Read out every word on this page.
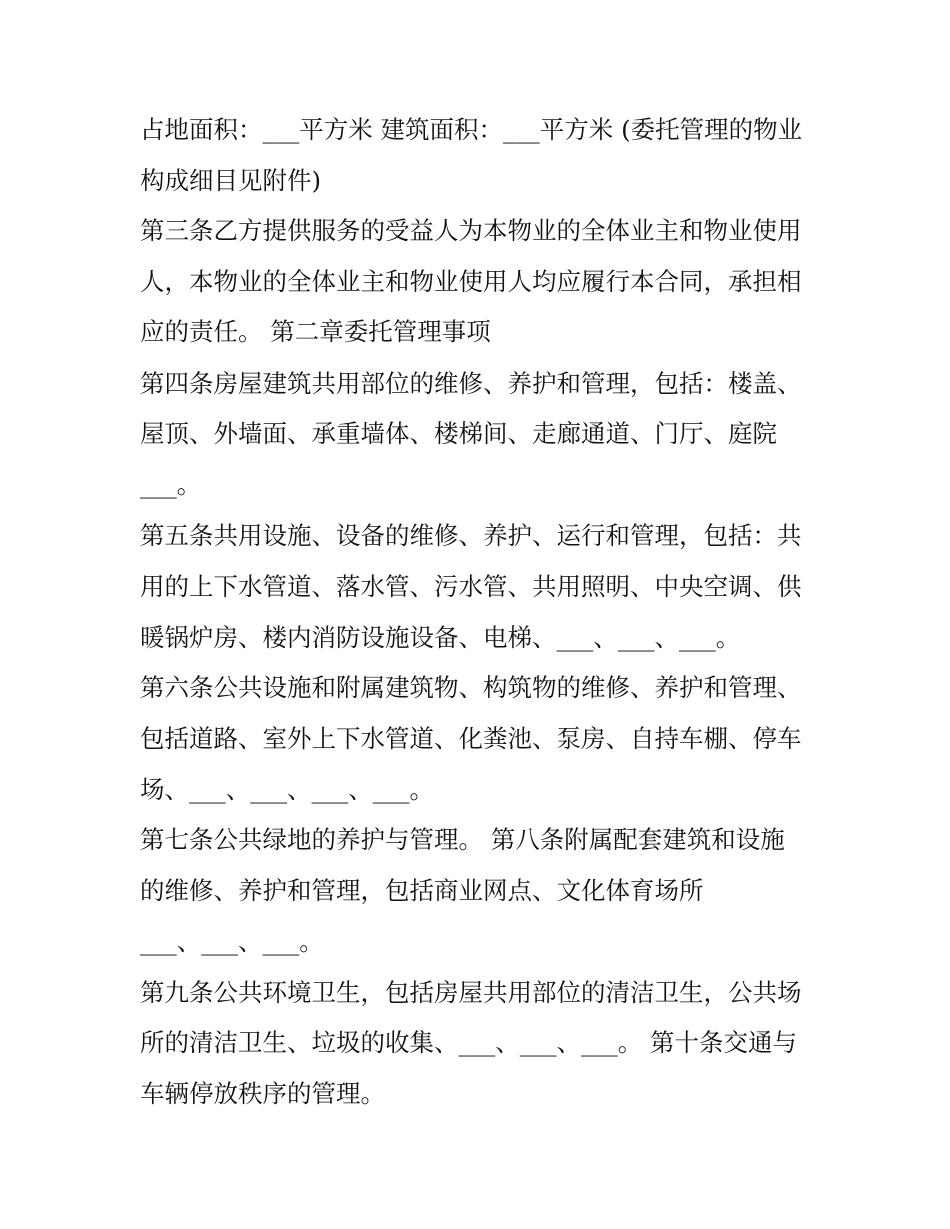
占地面积：___平方米 建筑面积：___平方米 (委托管理的物业
构成细目见附件)
第三条乙方提供服务的受益人为本物业的全体业主和物业使用
人，本物业的全体业主和物业使用人均应履行本合同，承担相
应的责任。 第二章委托管理事项
第四条房屋建筑共用部位的维修、养护和管理，包括：楼盖、
屋顶、外墙面、承重墙体、楼梯间、走廊通道、门厅、庭院
___。
第五条共用设施、设备的维修、养护、运行和管理，包括：共
用的上下水管道、落水管、污水管、共用照明、中央空调、供
暖锅炉房、楼内消防设施设备、电梯、___、___、___。
第六条公共设施和附属建筑物、构筑物的维修、养护和管理、
包括道路、室外上下水管道、化粪池、泵房、自持车棚、停车
场、___、___、___、___。
第七条公共绿地的养护与管理。 第八条附属配套建筑和设施
的维修、养护和管理，包括商业网点、文化体育场所
___、___、___。
第九条公共环境卫生，包括房屋共用部位的清洁卫生，公共场
所的清洁卫生、垃圾的收集、___、___、___。 第十条交通与
车辆停放秩序的管理。
